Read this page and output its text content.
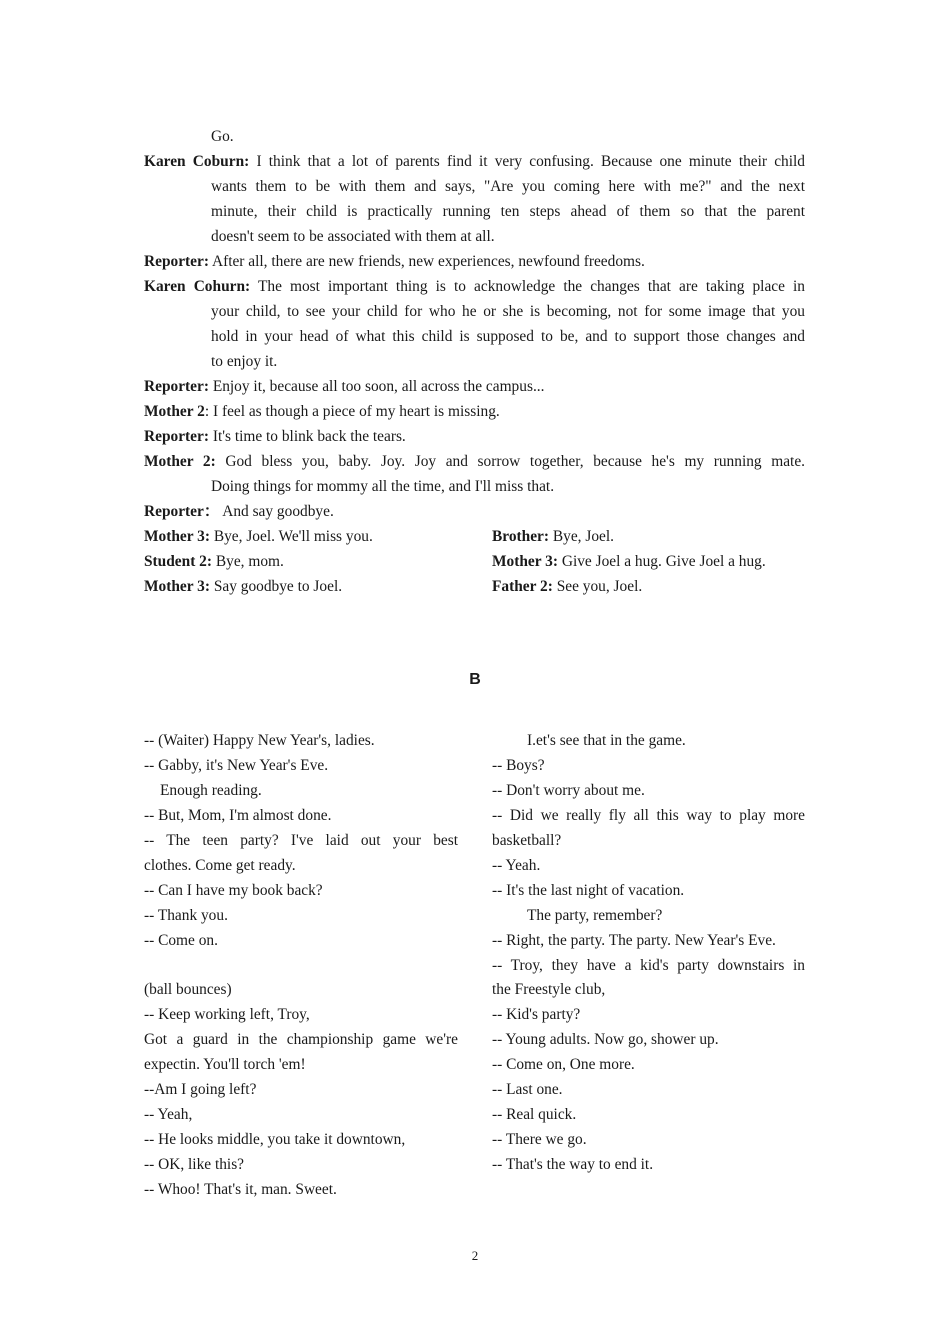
Go.
Karen Coburn: I think that a lot of parents find it very confusing. Because one minute their child
wants them to be with them and says, "Are you coming here with me?" and the next
minute, their child is practically running ten steps ahead of them so that the parent
doesn't seem to be associated with them at all.
Reporter: After all, there are new friends, new experiences, newfound freedoms.
Karen Cohurn: The most important thing is to acknowledge the changes that are taking place in
your child, to see your child for who he or she is becoming, not for some image that you
hold in your head of what this child is supposed to be, and to support those changes and
to enjoy it.
Reporter: Enjoy it, because all too soon, all across the campus...
Mother 2: I feel as though a piece of my heart is missing.
Reporter: It's time to blink back the tears.
Mother 2: God bless you, baby. Joy. Joy and sorrow together, because he's my running mate.
Doing things for mommy all the time, and I'll miss that.
Reporter： And say goodbye.
Mother 3: Bye, Joel. We'll miss you.
Student 2: Bye, mom.
Mother 3: Say goodbye to Joel.
Brother: Bye, Joel.
Mother 3: Give Joel a hug. Give Joel a hug.
Father 2: See you, Joel.
B
-- (Waiter) Happy New Year's, ladies.
-- Gabby, it's New Year's Eve.
Enough reading.
-- But, Mom, I'm almost done.
-- The teen party? I've laid out your best
clothes. Come get ready.
-- Can I have my book back?
-- Thank you.
-- Come on.
(ball bounces)
-- Keep working left, Troy,
Got a guard in the championship game we're
expectin. You'll torch 'em!
--Am I going left?
-- Yeah,
-- He looks middle, you take it downtown,
-- OK, like this?
-- Whoo! That's it, man. Sweet.
I.et's see that in the game.
-- Boys?
-- Don't worry about me.
-- Did we really fly all this way to play more
basketball?
-- Yeah.
-- It's the last night of vacation.
The party, remember?
-- Right, the party. The party. New Year's Eve.
-- Troy, they have a kid's party downstairs in
the Freestyle club,
-- Kid's party?
-- Young adults. Now go, shower up.
-- Come on, One more.
-- Last one.
-- Real quick.
-- There we go.
-- That's the way to end it.
2
